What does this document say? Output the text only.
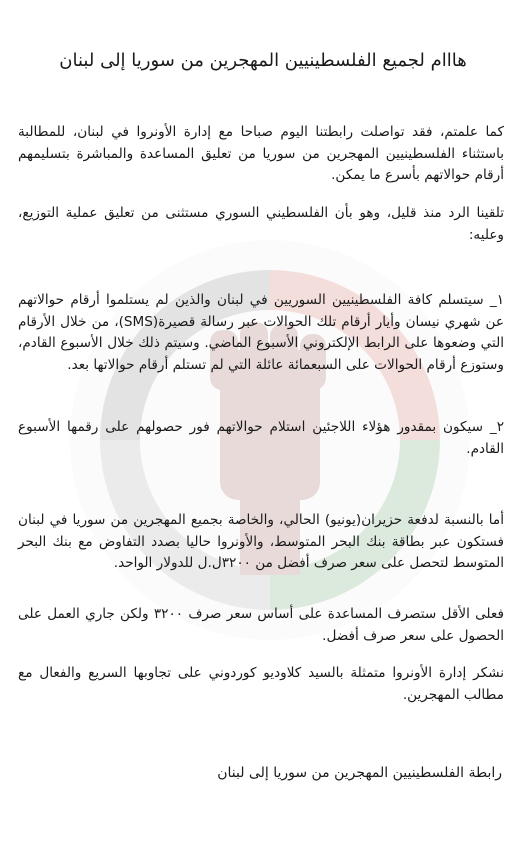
هااام لجميع الفلسطينيين المهجرين من سوريا إلى لبنان

كما علمتم، فقد تواصلت رابطتنا اليوم صباحا مع إدارة الأونروا في لبنان، للمطالبة باستثناء الفلسطينيين المهجرين من سوريا من تعليق المساعدة والمباشرة بتسليمهم أرقام حوالاتهم بأسرع ما يمكن.

تلقينا الرد منذ قليل، وهو بأن الفلسطيني السوري مستثنى من تعليق عملية التوزيع، وعليه:

١_ سيتسلم كافة الفلسطينيين السوريين في لبنان والذين لم يستلموا أرقام حوالاتهم عن شهري نيسان وأيار أرقام تلك الحوالات عبر رسالة قصيرة(SMS)، من خلال الأرقام التي وضعوها على الرابط الإلكتروني الأسبوع الماضي. وسيتم ذلك خلال الأسبوع القادم، وستوزع أرقام الحوالات على السبعمائة عائلة التي لم تستلم أرقام حوالاتها بعد.

٢_ سيكون بمقدور هؤلاء اللاجئين استلام حوالاتهم فور حصولهم على رقمها الأسبوع القادم.

أما بالنسبة لدفعة حزيران(يونيو) الحالي، والخاصة بجميع المهجرين من سوريا في لبنان فستكون عبر بطاقة بنك البحر المتوسط، والأونروا حاليا بصدد التفاوض مع بنك البحر المتوسط لتحصل على سعر صرف أفضل من ٣٢٠٠ل.ل للدولار الواحد.

فعلى الأقل ستصرف المساعدة على أساس سعر صرف ٣٢٠٠ ولكن جاري العمل على الحصول على سعر صرف أفضل.

نشكر إدارة الأونروا متمثلة بالسيد كلاوديو كوردوني على تجاوبها السريع والفعال مع مطالب المهجرين.

رابطة الفلسطينيين المهجرين من سوريا إلى لبنان
